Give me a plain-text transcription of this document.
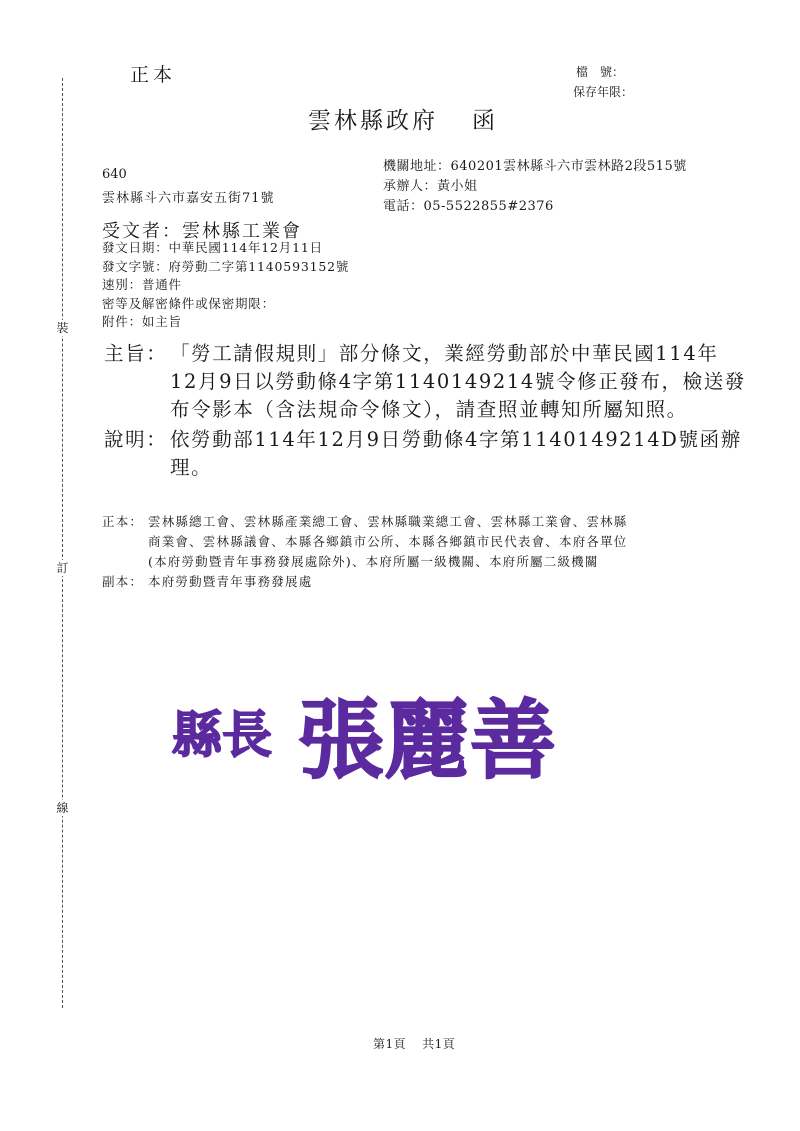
裝
訂
線
正本	檔　號：
保存年限：
雲林縣政府 函
640
雲林縣斗六市嘉安五街71號
機關地址：640201雲林縣斗六市雲林路2段515號
承辦人：黃小姐
電話：05-5522855#2376
受文者：雲林縣工業會
發文日期：中華民國114年12月11日
發文字號：府勞動二字第1140593152號
速別：普通件
密等及解密條件或保密期限：
附件：如主旨
主旨： 「勞工請假規則」部分條文，業經勞動部於中華民國114年
12月9日以勞動條4字第1140149214號令修正發布，檢送發
布令影本（含法規命令條文），請查照並轉知所屬知照。
說明： 依勞動部114年12月9日勞動條4字第1140149214D號函辦
理。
正本： 雲林縣總工會、雲林縣產業總工會、雲林縣職業總工會、雲林縣工業會、雲林縣
商業會、雲林縣議會、本縣各鄉鎮市公所、本縣各鄉鎮市民代表會、本府各單位
(本府勞動暨青年事務發展處除外)、本府所屬一級機關、本府所屬二級機關
副本： 本府勞動暨青年事務發展處
縣長 張麗善
第1頁 共1頁
